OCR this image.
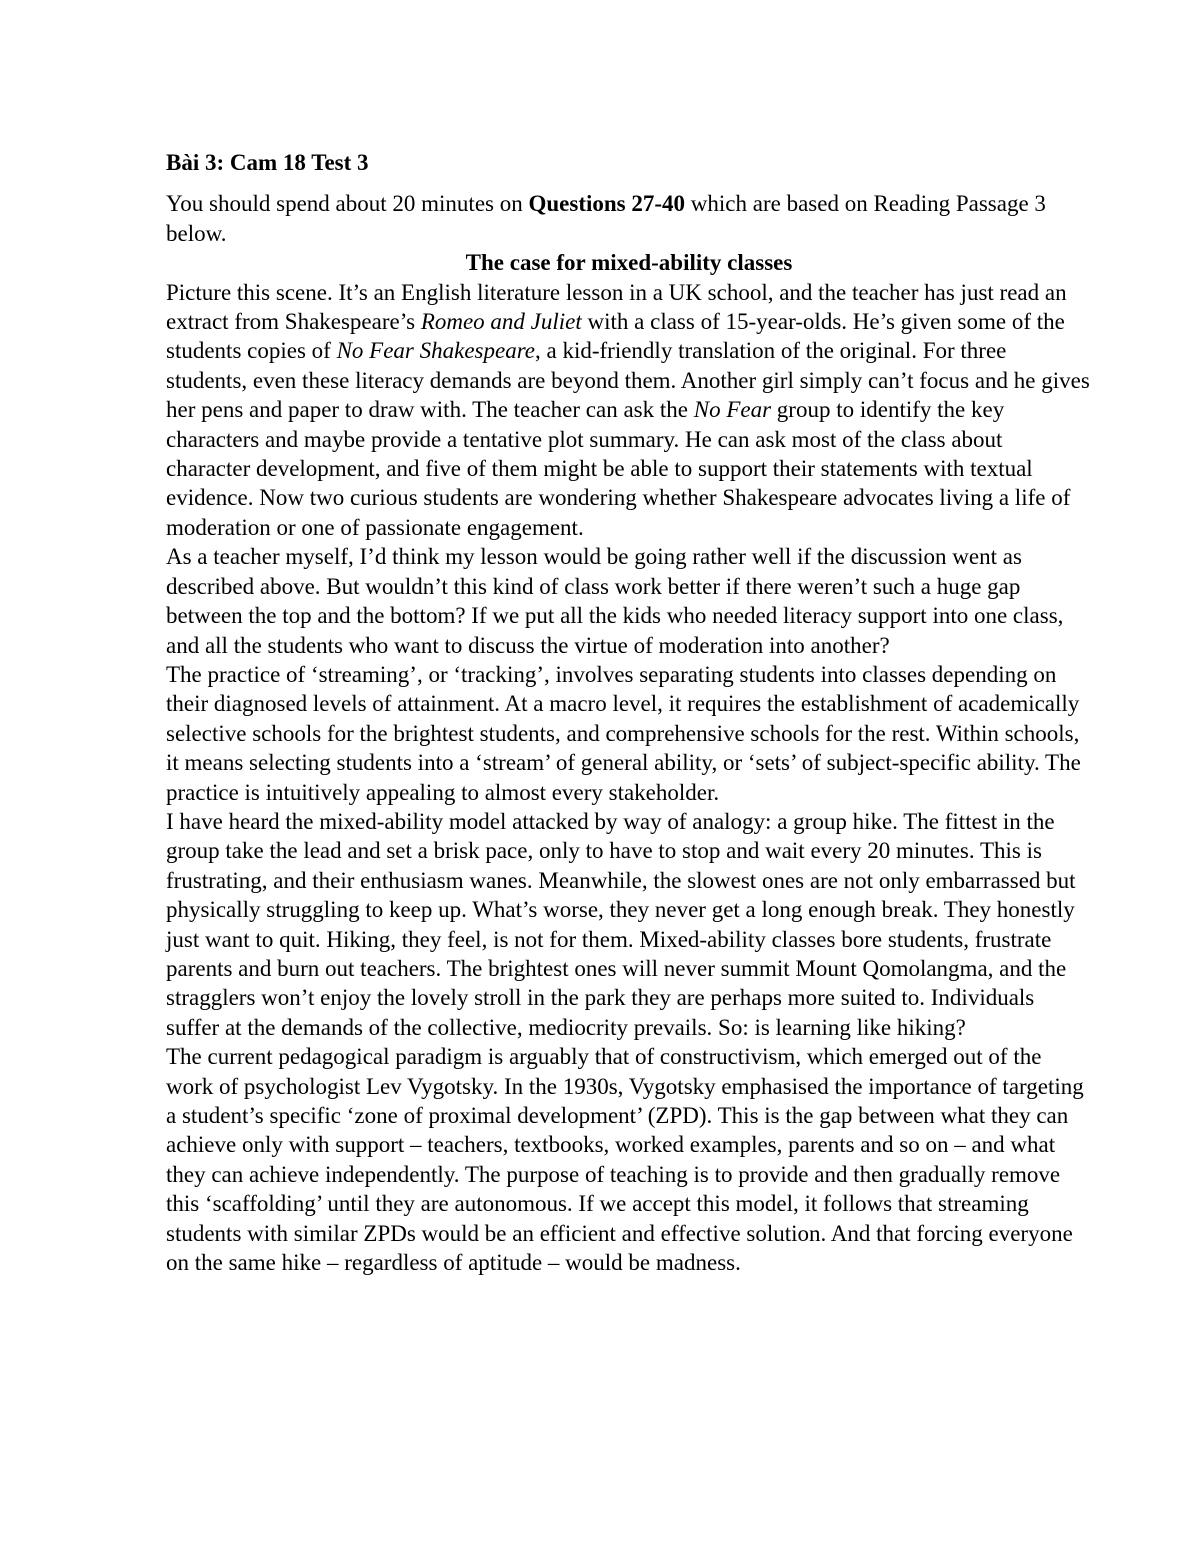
Bài 3: Cam 18 Test 3

You should spend about 20 minutes on Questions 27-40 which are based on Reading Passage 3 below.

The case for mixed-ability classes

Picture this scene. It’s an English literature lesson in a UK school, and the teacher has just read an extract from Shakespeare’s Romeo and Juliet with a class of 15-year-olds. He’s given some of the students copies of No Fear Shakespeare, a kid-friendly translation of the original. For three students, even these literacy demands are beyond them. Another girl simply can’t focus and he gives her pens and paper to draw with. The teacher can ask the No Fear group to identify the key characters and maybe provide a tentative plot summary. He can ask most of the class about character development, and five of them might be able to support their statements with textual evidence. Now two curious students are wondering whether Shakespeare advocates living a life of moderation or one of passionate engagement.

As a teacher myself, I’d think my lesson would be going rather well if the discussion went as described above. But wouldn’t this kind of class work better if there weren’t such a huge gap between the top and the bottom? If we put all the kids who needed literacy support into one class, and all the students who want to discuss the virtue of moderation into another?

The practice of ‘streaming’, or ‘tracking’, involves separating students into classes depending on their diagnosed levels of attainment. At a macro level, it requires the establishment of academically selective schools for the brightest students, and comprehensive schools for the rest. Within schools, it means selecting students into a ‘stream’ of general ability, or ‘sets’ of subject-specific ability. The practice is intuitively appealing to almost every stakeholder.

I have heard the mixed-ability model attacked by way of analogy: a group hike. The fittest in the group take the lead and set a brisk pace, only to have to stop and wait every 20 minutes. This is frustrating, and their enthusiasm wanes. Meanwhile, the slowest ones are not only embarrassed but physically struggling to keep up. What’s worse, they never get a long enough break. They honestly just want to quit. Hiking, they feel, is not for them. Mixed-ability classes bore students, frustrate parents and burn out teachers. The brightest ones will never summit Mount Qomolangma, and the stragglers won’t enjoy the lovely stroll in the park they are perhaps more suited to. Individuals suffer at the demands of the collective, mediocrity prevails. So: is learning like hiking?

The current pedagogical paradigm is arguably that of constructivism, which emerged out of the work of psychologist Lev Vygotsky. In the 1930s, Vygotsky emphasised the importance of targeting a student’s specific ‘zone of proximal development’ (ZPD). This is the gap between what they can achieve only with support – teachers, textbooks, worked examples, parents and so on – and what they can achieve independently. The purpose of teaching is to provide and then gradually remove this ‘scaffolding’ until they are autonomous. If we accept this model, it follows that streaming students with similar ZPDs would be an efficient and effective solution. And that forcing everyone on the same hike – regardless of aptitude – would be madness.
